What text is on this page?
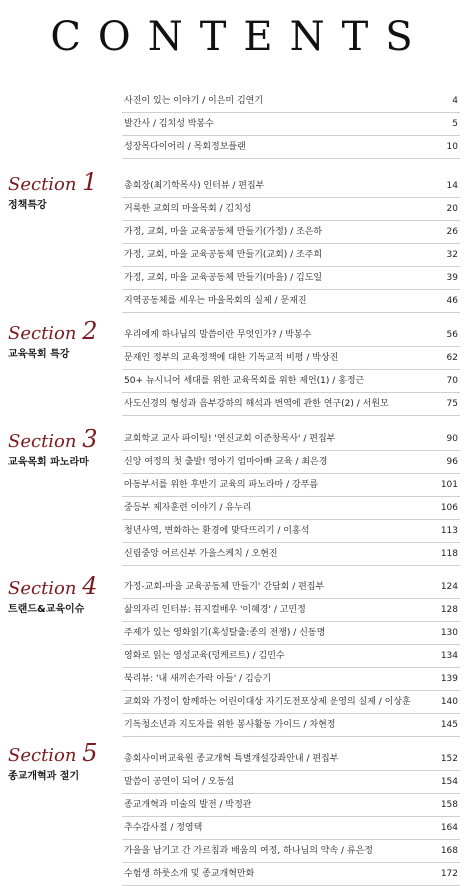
CONTENTS
사진이 있는 이야기 / 이은미 김연기	4
발간사 / 김치성 박봉수	5
성장목다이어리 / 목회정보플랜	10
총회장(최기학목사) 인터뷰 / 편집부	14
거룩한 교회의 마을목회 / 김치성	20
가정, 교회, 마을 교육공동체 만들기(가정) / 조은하	26
가정, 교회, 마을 교육공동체 만들기(교회) / 조주희	32
가정, 교회, 마을 교육공동체 만들기(마을) / 김도일	39
지역공동체를 세우는 마을목회의 실제 / 문재진	46
우리에게 하나님의 말씀이란 무엇인가? / 박봉수	56
문재인 정부의 교육정책에 대한 기독교적 비평 / 박상진	62
50+ 뉴시니어 세대를 위한 교육목회를 위한 제언(1) / 홍정근	70
사도신경의 형성과 음부강하의 해석과 번역에 관한 연구(2) / 서원모	75
교회학교 교사 파이팅! '연신교회 이준창목사' / 편집부	90
신앙 여정의 첫 출발! 영아기 엄마아빠 교육 / 최은경	96
아동부서를 위한 후반기 교육의 파노라마 / 강푸름	101
중등부 제자훈련 이야기 / 유누리	106
청년사역, 변화하는 환경에 맞닥뜨리기 / 이홍석	113
신림중앙 어르신부 가을스케치 / 오현진	118
가정-교회-마을 교육공동체 만들기' 간담회 / 편집부	124
삶의자리 인터뷰: 뮤지컬배우 '이혜경' / 고민정	128
주제가 있는 영화읽기(혹성탈출:종의 전쟁) / 신동명	130
영화로 읽는 영성교육(덩케르트) / 김민수	134
북리뷰: '내 새끼손가락 아들' / 김승기	139
교회와 가정이 함께하는 어린이대상 자기도전포상제 운영의 실제 / 이상훈	140
기독청소년과 지도자를 위한 봉사활동 가이드 / 차현정	145
총회사이버교육원 종교개혁 특별개설강좌안내 / 편집부	152
말씀이 공연이 되어 / 오동섭	154
종교개혁과 미술의 발전 / 박정관	158
추수감사절 / 정영택	164
가을을 남기고 간 가르침과 배움의 여정, 하나님의 약속 / 류은정	168
수험생 하룻소개 및 종교개혁만화	172
Section 1
정책특강
Section 2
교육목회 특강
Section 3
교육목회 파노라마
Section 4
트랜드&교육이슈
Section 5
종교개혁과 절기
